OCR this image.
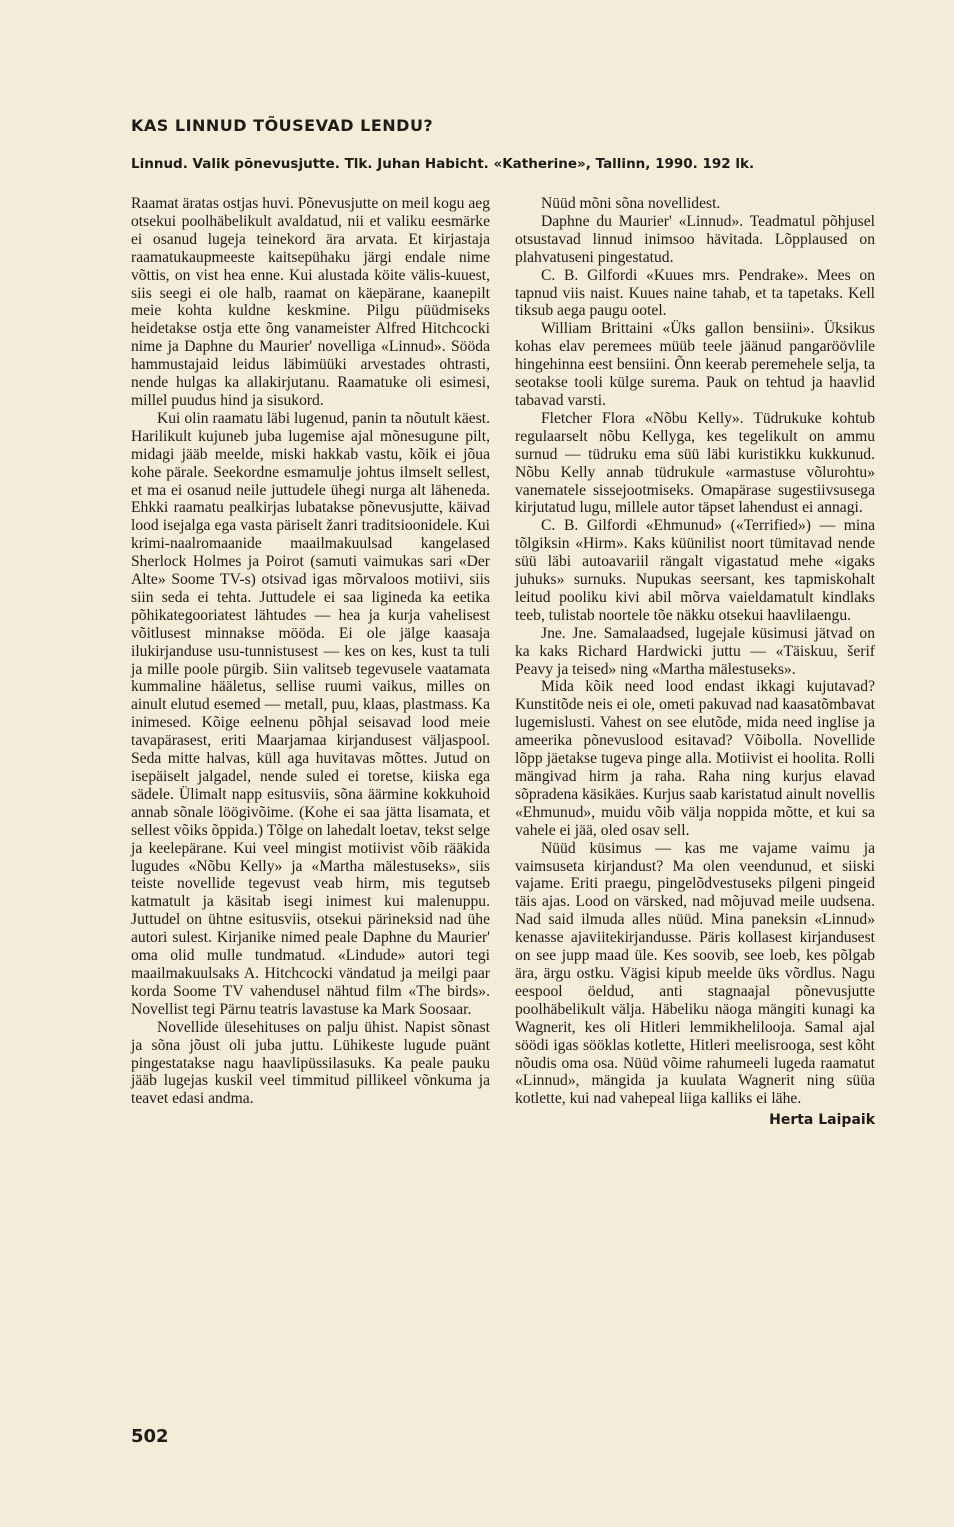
KAS LINNUD TÕUSEVAD LENDU?
Linnud. Valik põnevusjutte. Tlk. Juhan Habicht. «Katherine», Tallinn, 1990. 192 lk.

Raamat äratas ostjas huvi. Põnevusjutte on meil kogu aeg otsekui poolhäbelikult avaldatud, nii et valiku eesmärke ei osanud lugeja teinekord ära arvata. Et kirjastaja raamatukaupmeeste kaitsepühaku järgi endale nime võttis, on vist hea enne. Kui alustada köite välis-kuuest, siis seegi ei ole halb, raamat on käepärane, kaanepilt meie kohta kuldne keskmine. Pilgu püüdmiseks heidetakse ostja ette õng vanameister Alfred Hitchcocki nime ja Daphne du Maurier' novelliga «Linnud». Sööda hammustajaid leidus läbimüüki arvestades ohtrasti, nende hulgas ka allakirjutanu. Raamatuke oli esimesi, millel puudus hind ja sisukord.

Kui olin raamatu läbi lugenud, panin ta nõutult käest. Harilikult kujuneb juba lugemise ajal mõnesugune pilt, midagi jääb meelde, miski hakkab vastu, kõik ei jõua kohe pärale. Seekordne esmamulje johtus ilmselt sellest, et ma ei osanud neile juttudele ühegi nurga alt läheneda. Ehkki raamatu pealkirjas lubatakse põnevusjutte, käivad lood isejalga ega vasta päriselt žanri traditsioonidele. Kui krimi-naalromaanide maailmakuulsad kangelased Sherlock Holmes ja Poirot (samuti vaimukas sari «Der Alte» Soome TV-s) otsivad igas mõrvaloos motiivi, siis siin seda ei tehta. Juttudele ei saa ligineda ka eetika põhikategooriatest lähtudes — hea ja kurja vahelisest võitlusest minnakse mööda. Ei ole jälge kaasaja ilukirjanduse usu-tunnistusest — kes on kes, kust ta tuli ja mille poole pürgib. Siin valitseb tegevusele vaatamata kummaline hääletus, sellise ruumi vaikus, milles on ainult elutud esemed — metall, puu, klaas, plastmass. Ka inimesed. Kõige eelnenu põhjal seisavad lood meie tavapärasest, eriti Maarjamaa kirjandusest väljaspool. Seda mitte halvas, küll aga huvitavas mõttes. Jutud on isepäiselt jalgadel, nende suled ei toretse, kiiska ega sädele. Ülimalt napp esitusviis, sõna äärmine kokkuhoid annab sõnale löögivõime. (Kohe ei saa jätta lisamata, et sellest võiks õppida.) Tõlge on lahedalt loetav, tekst selge ja keelepärane. Kui veel mingist motiivist võib rääkida lugudes «Nõbu Kelly» ja «Martha mälestuseks», siis teiste novellide tegevust veab hirm, mis tegutseb katmatult ja käsitab isegi inimest kui malenuppu. Juttudel on ühtne esitusviis, otsekui pärineksid nad ühe autori sulest. Kirjanike nimed peale Daphne du Maurier' oma olid mulle tundmatud. «Lindude» autori tegi maailmakuulsaks A. Hitchcocki vändatud ja meilgi paar korda Soome TV vahendusel nähtud film «The birds». Novellist tegi Pärnu teatris lavastuse ka Mark Soosaar.

Novellide ülesehituses on palju ühist. Napist sõnast ja sõna jõust oli juba juttu. Lühikeste lugude puänt pingestatakse nagu haavlipüssilasuks. Ka peale pauku jääb lugejas kuskil veel timmitud pillikeel võnkuma ja teavet edasi andma.

Nüüd mõni sõna novellidest.

Daphne du Maurier' «Linnud». Teadmatul põhjusel otsustavad linnud inimsoo hävitada. Lõpplaused on plahvatuseni pingestatud.

C. B. Gilfordi «Kuues mrs. Pendrake». Mees on tapnud viis naist. Kuues naine tahab, et ta tapetaks. Kell tiksub aega paugu ootel.

William Brittaini «Üks gallon bensiini». Üksikus kohas elav peremees müüb teele jäänud pangaröövlile hingehinna eest bensiini. Õnn keerab peremehele selja, ta seotakse tooli külge surema. Pauk on tehtud ja haavlid tabavad varsti.

Fletcher Flora «Nõbu Kelly». Tüdrukuke kohtub regulaarselt nõbu Kellyga, kes tegelikult on ammu surnud — tüdruku ema süü läbi kuristikku kukkunud. Nõbu Kelly annab tüdrukule «armastuse võlurohtu» vanematele sissejootmiseks. Omapärase sugestiivsusega kirjutatud lugu, millele autor täpset lahendust ei annagi.

C. B. Gilfordi «Ehmunud» («Terrified») — mina tõlgiksin «Hirm». Kaks küünilist noort tümitavad nende süü läbi autoavariil rängalt vigastatud mehe «igaks juhuks» surnuks. Nupukas seersant, kes tapmiskohalt leitud pooliku kivi abil mõrva vaieldamatult kindlaks teeb, tulistab noortele tõe näkku otsekui haavlilaengu.

Jne. Jne. Samalaadsed, lugejale küsimusi jätvad on ka kaks Richard Hardwicki juttu — «Täiskuu, šerif Peavy ja teised» ning «Martha mälestuseks».

Mida kõik need lood endast ikkagi kujutavad? Kunstitõde neis ei ole, ometi pakuvad nad kaasatõmbavat lugemislusti. Vahest on see elutõde, mida need inglise ja ameerika põnevuslood esitavad? Võibolla. Novellide lõpp jäetakse tugeva pinge alla. Motiivist ei hoolita. Rolli mängivad hirm ja raha. Raha ning kurjus elavad sõpradena käsikäes. Kurjus saab karistatud ainult novellis «Ehmunud», muidu võib välja noppida mõtte, et kui sa vahele ei jää, oled osav sell.

Nüüd küsimus — kas me vajame vaimu ja vaimsuseta kirjandust? Ma olen veendunud, et siiski vajame. Eriti praegu, pingelõdvestuseks pilgeni pingeid täis ajas. Lood on värsked, nad mõjuvad meile uudsena. Nad said ilmuda alles nüüd. Mina paneksin «Linnud» kenasse ajaviitekirjandusse. Päris kollasest kirjandusest on see jupp maad üle. Kes soovib, see loeb, kes põlgab ära, ärgu ostku. Vägisi kipub meelde üks võrdlus. Nagu eespool öeldud, anti stagnaajal põnevusjutte poolhäbelikult välja. Häbeliku näoga mängiti kunagi ka Wagnerit, kes oli Hitleri lemmikhelilooja. Samal ajal söödi igas sööklas kotlette, Hitleri meelisrooga, sest kõht nõudis oma osa. Nüüd võime rahumeeli lugeda raamatut «Linnud», mängida ja kuulata Wagnerit ning süüa kotlette, kui nad vahepeal liiga kalliks ei lähe.

Herta Laipaik
502
